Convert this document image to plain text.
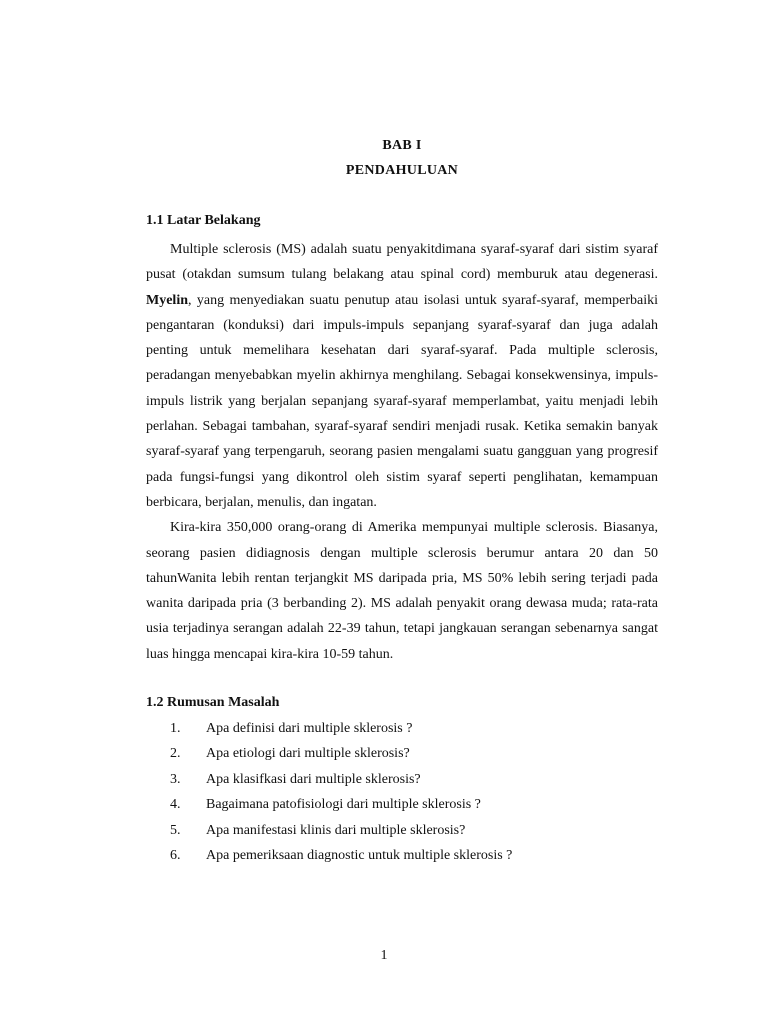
BAB I
PENDAHULUAN
1.1 Latar Belakang

Multiple sclerosis (MS) adalah suatu penyakitdimana syaraf-syaraf dari sistim syaraf pusat (otakdan sumsum tulang belakang atau spinal cord) memburuk atau degenerasi. Myelin, yang menyediakan suatu penutup atau isolasi untuk syaraf-syaraf, memperbaiki pengantaran (konduksi) dari impuls-impuls sepanjang syaraf-syaraf dan juga adalah penting untuk memelihara kesehatan dari syaraf-syaraf. Pada multiple sclerosis, peradangan menyebabkan myelin akhirnya menghilang. Sebagai konsekwensinya, impuls-impuls listrik yang berjalan sepanjang syaraf-syaraf memperlambat, yaitu menjadi lebih perlahan. Sebagai tambahan, syaraf-syaraf sendiri menjadi rusak. Ketika semakin banyak syaraf-syaraf yang terpengaruh, seorang pasien mengalami suatu gangguan yang progresif pada fungsi-fungsi yang dikontrol oleh sistim syaraf seperti penglihatan, kemampuan berbicara, berjalan, menulis, dan ingatan.

Kira-kira 350,000 orang-orang di Amerika mempunyai multiple sclerosis. Biasanya, seorang pasien didiagnosis dengan multiple sclerosis berumur antara 20 dan 50 tahunWanita lebih rentan terjangkit MS daripada pria, MS 50% lebih sering terjadi pada wanita daripada pria (3 berbanding 2). MS adalah penyakit orang dewasa muda; rata-rata usia terjadinya serangan adalah 22-39 tahun, tetapi jangkauan serangan sebenarnya sangat luas hingga mencapai kira-kira 10-59 tahun.

1.2 Rumusan Masalah
1.	Apa definisi dari multiple sklerosis ?
2.	Apa etiologi dari multiple sklerosis?
3.	Apa klasifkasi dari multiple sklerosis?
4.	Bagaimana patofisiologi dari multiple sklerosis ?
5.	Apa manifestasi klinis dari multiple sklerosis?
6.	Apa pemeriksaan diagnostic untuk multiple sklerosis ?
1
